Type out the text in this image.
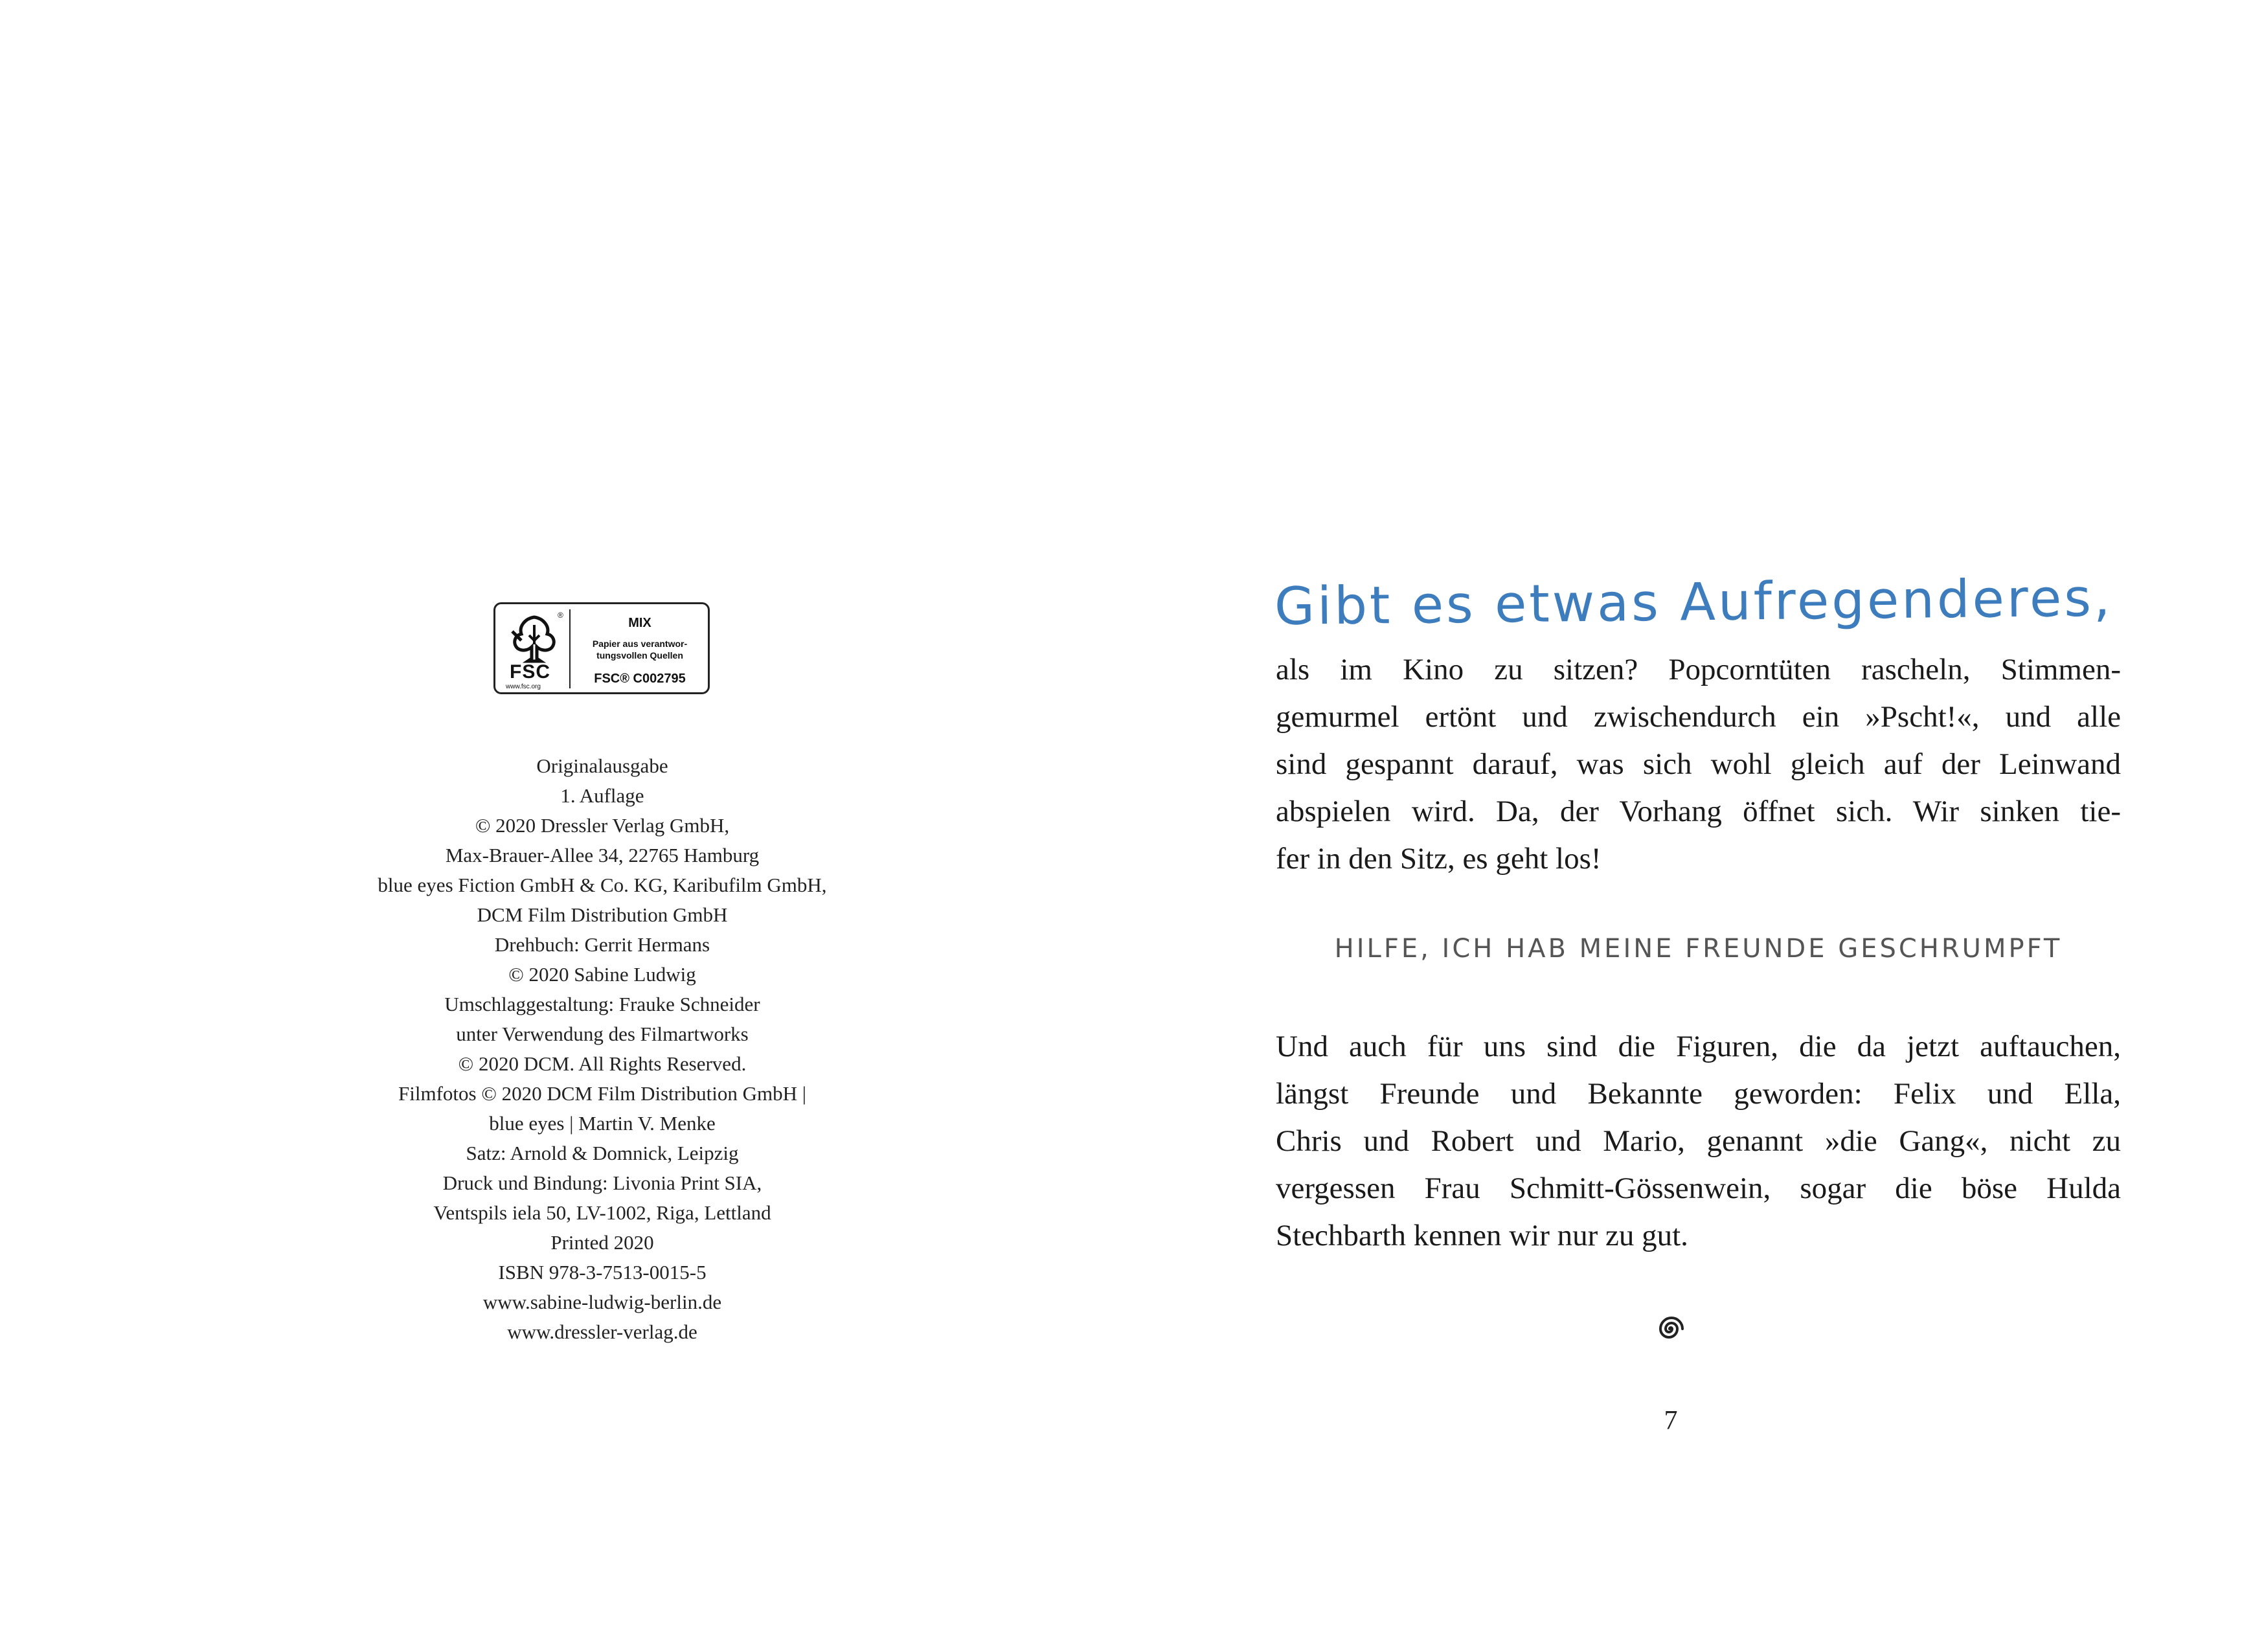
®
FSC
www.fsc.org
MIX
Papier aus verantwor-
tungsvollen Quellen
FSC® C002795
Originalausgabe
1. Auflage
© 2020 Dressler Verlag GmbH,
Max-Brauer-Allee 34, 22765 Hamburg
blue eyes Fiction GmbH & Co. KG, Karibufilm GmbH,
DCM Film Distribution GmbH
Drehbuch: Gerrit Hermans
© 2020 Sabine Ludwig
Umschlaggestaltung: Frauke Schneider
unter Verwendung des Filmartworks
© 2020 DCM. All Rights Reserved.
Filmfotos © 2020 DCM Film Distribution GmbH |
blue eyes | Martin V. Menke
Satz: Arnold & Domnick, Leipzig
Druck und Bindung: Livonia Print SIA,
Ventspils iela 50, LV-1002, Riga, Lettland
Printed 2020
ISBN 978-3-7513-0015-5
www.sabine-ludwig-berlin.de
www.dressler-verlag.de
Gibt es etwas Aufregenderes,
als im Kino zu sitzen? Popcorntüten rascheln, Stimmen-
gemurmel ertönt und zwischendurch ein »Pscht!«, und alle
sind gespannt darauf, was sich wohl gleich auf der Leinwand
abspielen wird. Da, der Vorhang öffnet sich. Wir sinken tie-
fer in den Sitz, es geht los!
HILFE, ICH HAB MEINE FREUNDE GESCHRUMPFT
Und auch für uns sind die Figuren, die da jetzt auftauchen,
längst Freunde und Bekannte geworden: Felix und Ella,
Chris und Robert und Mario, genannt »die Gang«, nicht zu
vergessen Frau Schmitt-Gössenwein, sogar die böse Hulda
Stechbarth kennen wir nur zu gut.
7
